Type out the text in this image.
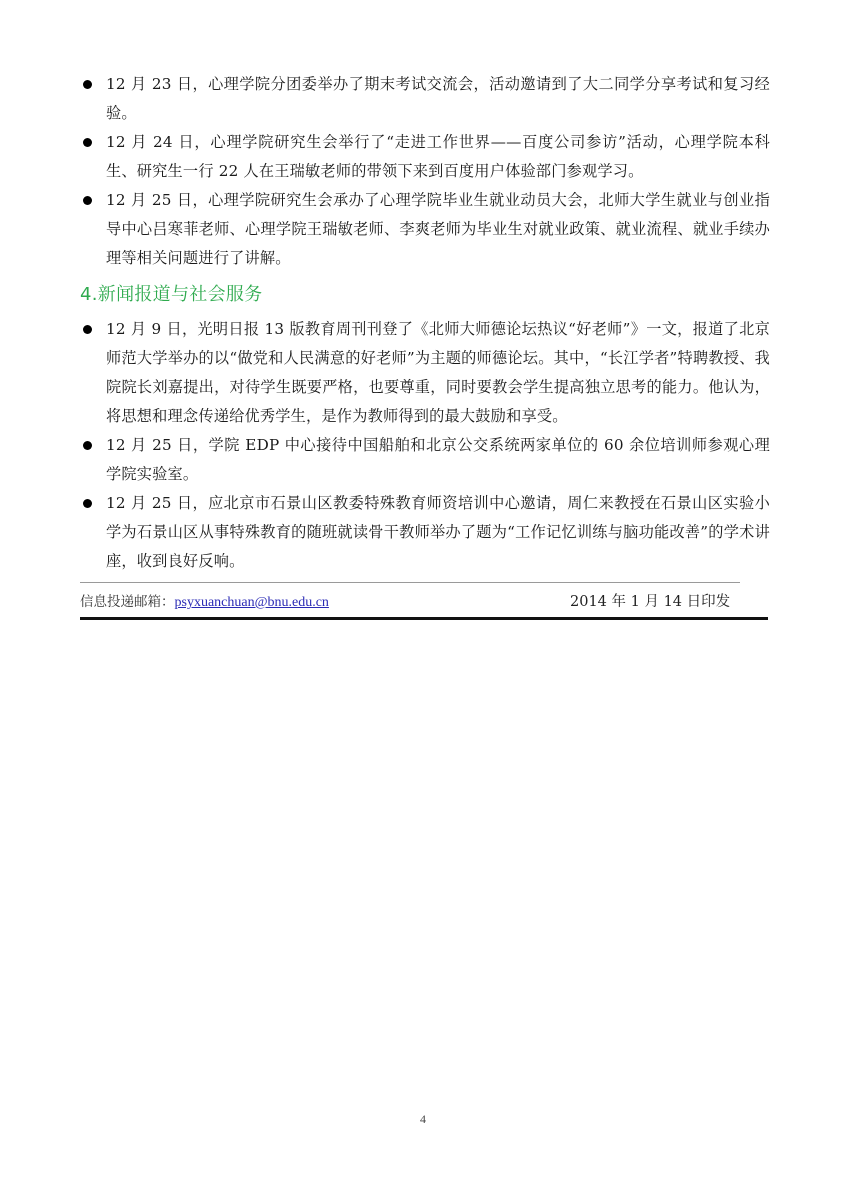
12 月 23 日，心理学院分团委举办了期末考试交流会，活动邀请到了大二同学分享考试和复习经验。
12 月 24 日，心理学院研究生会举行了“走进工作世界——百度公司参访”活动，心理学院本科生、研究生一行 22 人在王瑞敏老师的带领下来到百度用户体验部门参观学习。
12 月 25 日，心理学院研究生会承办了心理学院毕业生就业动员大会，北师大学生就业与创业指导中心吕寒菲老师、心理学院王瑞敏老师、李爽老师为毕业生对就业政策、就业流程、就业手续办理等相关问题进行了讲解。
4.新闻报道与社会服务
12 月 9 日，光明日报 13 版教育周刊刊登了《北师大师德论坛热议“好老师”》一文，报道了北京师范大学举办的以“做党和人民满意的好老师”为主题的师德论坛。其中，“长江学者”特聘教授、我院院长刘嘉提出，对待学生既要严格，也要尊重，同时要教会学生提高独立思考的能力。他认为，将思想和理念传递给优秀学生，是作为教师得到的最大鼓励和享受。
12 月 25 日，学院 EDP 中心接待中国船舶和北京公交系统两家单位的 60 余位培训师参观心理学院实验室。
12 月 25 日，应北京市石景山区教委特殊教育师资培训中心邀请，周仁来教授在石景山区实验小学为石景山区从事特殊教育的随班就读骨干教师举办了题为“工作记忆训练与脑功能改善”的学术讲座，收到良好反响。
信息投递邮箱：psyxuanchuan@bnu.edu.cn	2014 年 1 月 14 日印发
4
